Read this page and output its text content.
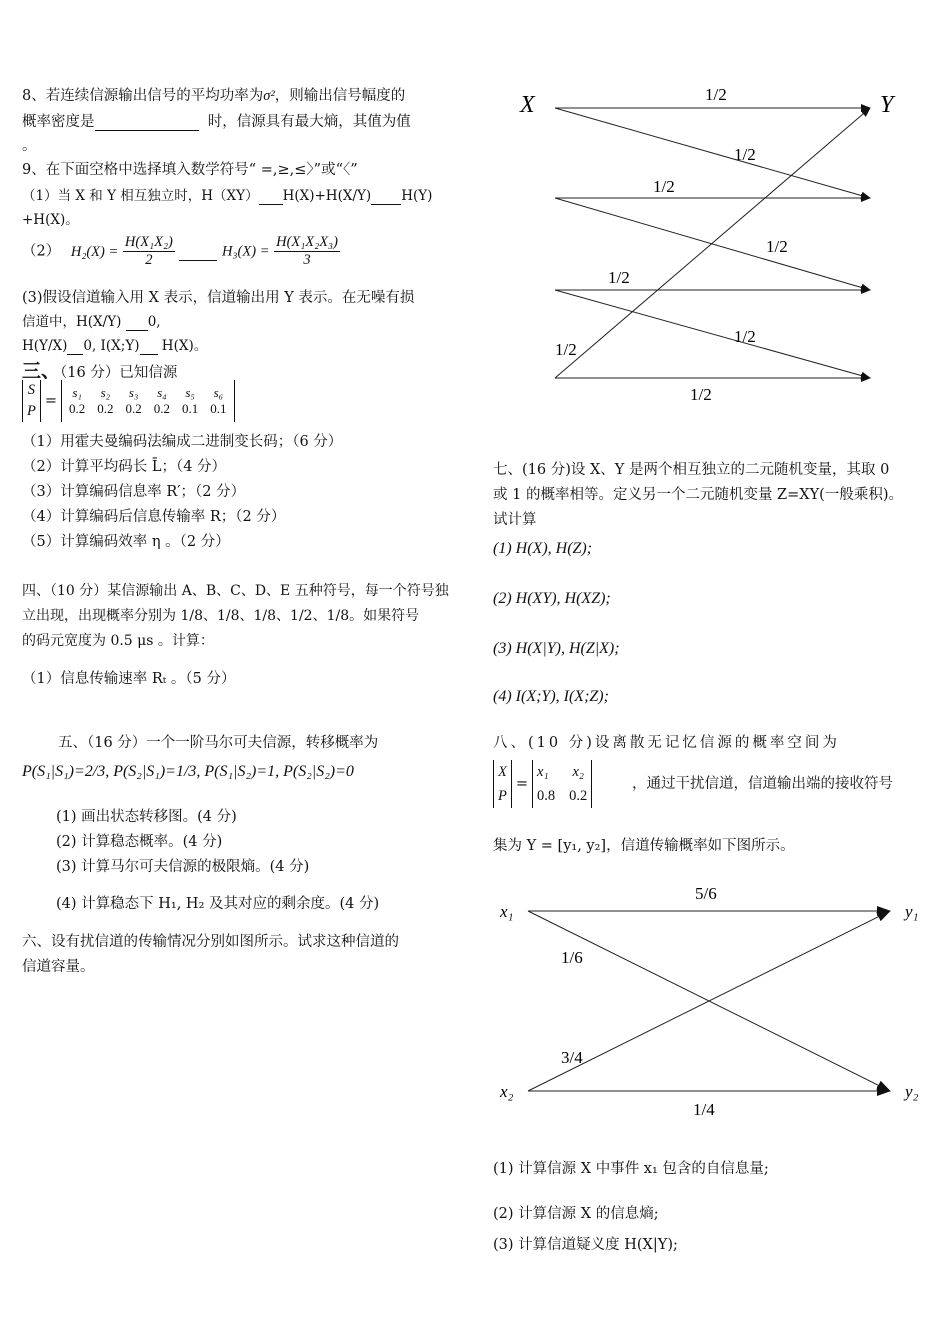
8、若连续信源输出信号的平均功率为σ²，则输出信号幅度的
概率密度是	时，信源具有最大熵，其值为值
。
9、在下面空格中选择填入数学符号“ =,≥,≤〉”或“〈”
（1）当 X 和 Y 相互独立时，H（XY） H(X)+H(X/Y) H(Y)
+H(X)。
（2） $H_2(X) = \frac{\text{H(X₁X₂)}}{2}$	$H_3(X) = \frac{\text{H(X₁X₂X₃)}}{3}$
(3)假设信道输入用 X 表示，信道输出用 Y 表示。在无噪有损
信道中，H(X/Y) 0,
H(Y/X) 0, I(X;Y) H(X)。
三、（16 分）已知信源
S
P
	=	
s₁	s₂	s₃	s₄	s₅	s₆
0.2	0.2	0.2	0.2	0.1	0.1
（1）用霍夫曼编码法编成二进制变长码；（6 分）
（2）计算平均码长 L̄；（4 分）
（3）计算编码信息率 R′；（2 分）
（4）计算编码后信息传输率 R；（2 分）
（5）计算编码效率 η 。（2 分）
四、（10 分）某信源输出 A、B、C、D、E 五种符号，每一个符号独
立出现，出现概率分别为 1/8、1/8、1/8、1/2、1/8。如果符号
的码元宽度为 0.5 μs 。计算：
（1）信息传输速率 Rₜ 。（5 分）
五、（16 分）一个一阶马尔可夫信源，转移概率为
P(S₁|S₁)=2/3, P(S₂|S₁)=1/3, P(S₁|S₂)=1, P(S₂|S₂)=0
(1) 画出状态转移图。(4 分)
(2) 计算稳态概率。(4 分)
(3) 计算马尔可夫信源的极限熵。(4 分)
(4) 计算稳态下 H₁, H₂ 及其对应的剩余度。(4 分)
六、设有扰信道的传输情况分别如图所示。试求这种信道的
信道容量。
X	Y
1/2
1/2
1/2
1/2
1/2
1/2
1/2
1/2
七、(16 分)设 X、Y 是两个相互独立的二元随机变量，其取 0
或 1 的概率相等。定义另一个二元随机变量 Z=XY(一般乘积)。
试计算
(1) H(X), H(Z);
(2) H(XY), H(XZ);
(3) H(X|Y), H(Z|X);
(4) I(X;Y), I(X;Z);
八、(10 分)设离散无记忆信源的概率空间为
X
P
	=	
x₁ x₂
0.8 0.2
，通过干扰信道，信道输出端的接收符号
集为 Y = [y₁, y₂]，信道传输概率如下图所示。
x₁
x₂
y₁
y₂
5/6
1/6
3/4
1/4
(1) 计算信源 X 中事件 x₁ 包含的自信息量;
(2) 计算信源 X 的信息熵;
(3) 计算信道疑义度 H(X|Y);
